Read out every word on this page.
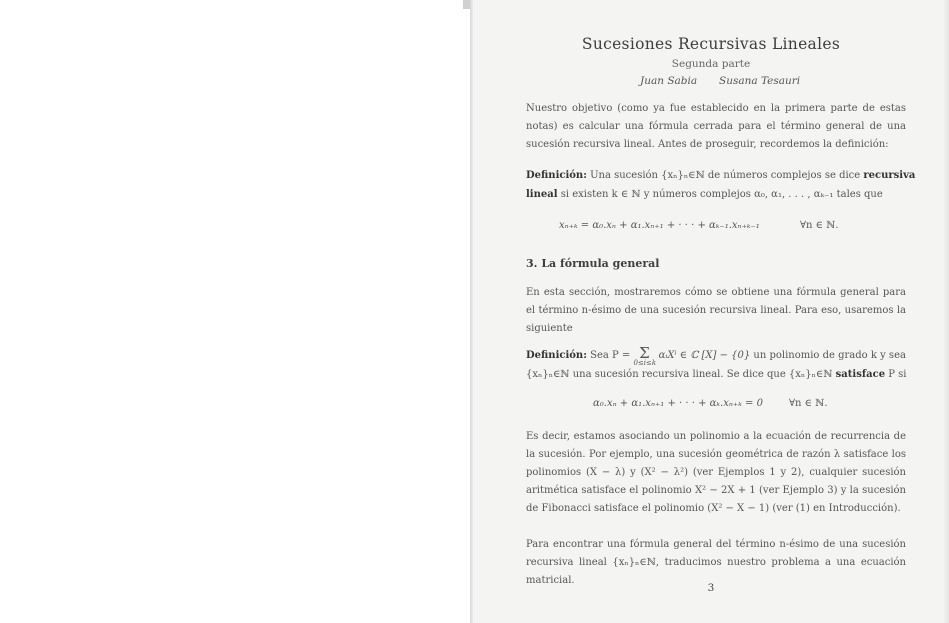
Sucesiones Recursivas Lineales
Segunda parte
Juan Sabia Susana Tesauri
Nuestro objetivo (como ya fue establecido en la primera parte de estas notas) es calcular una fórmula cerrada para el término general de una sucesión recursiva lineal. Antes de proseguir, recordemos la definición:
Definición: Una sucesión {xₙ}ₙ∈ℕ de números complejos se dice recursiva
lineal si existen k ∈ ℕ y números complejos α₀, α₁, . . . , αₖ₋₁ tales que
xₙ₊ₖ = α₀.xₙ + α₁.xₙ₊₁ + · · · + αₖ₋₁.xₙ₊ₖ₋₁	∀n ∈ ℕ.
3. La fórmula general
En esta sección, mostraremos cómo se obtiene una fórmula general para el término n-ésimo de una sucesión recursiva lineal. Para eso, usaremos la siguiente
Definición: Sea P = Σ
0≤i≤k
αᵢXⁱ ∈ ℂ [X] − {0} un polinomio de grado k y sea
{xₙ}ₙ∈ℕ una sucesión recursiva lineal. Se dice que {xₙ}ₙ∈ℕ satisface P si
α₀.xₙ + α₁.xₙ₊₁ + · · · + αₖ.xₙ₊ₖ = 0	∀n ∈ ℕ.
Es decir, estamos asociando un polinomio a la ecuación de recurrencia de la sucesión. Por ejemplo, una sucesión geométrica de razón λ satisface los polinomios (X − λ) y (X² − λ²) (ver Ejemplos 1 y 2), cualquier sucesión aritmética satisface el polinomio X² − 2X + 1 (ver Ejemplo 3) y la sucesión de Fibonacci satisface el polinomio (X² − X − 1) (ver (1) en Introducción).
Para encontrar una fórmula general del término n-ésimo de una sucesión recursiva lineal {xₙ}ₙ∈ℕ, traducimos nuestro problema a una ecuación matricial.
3
